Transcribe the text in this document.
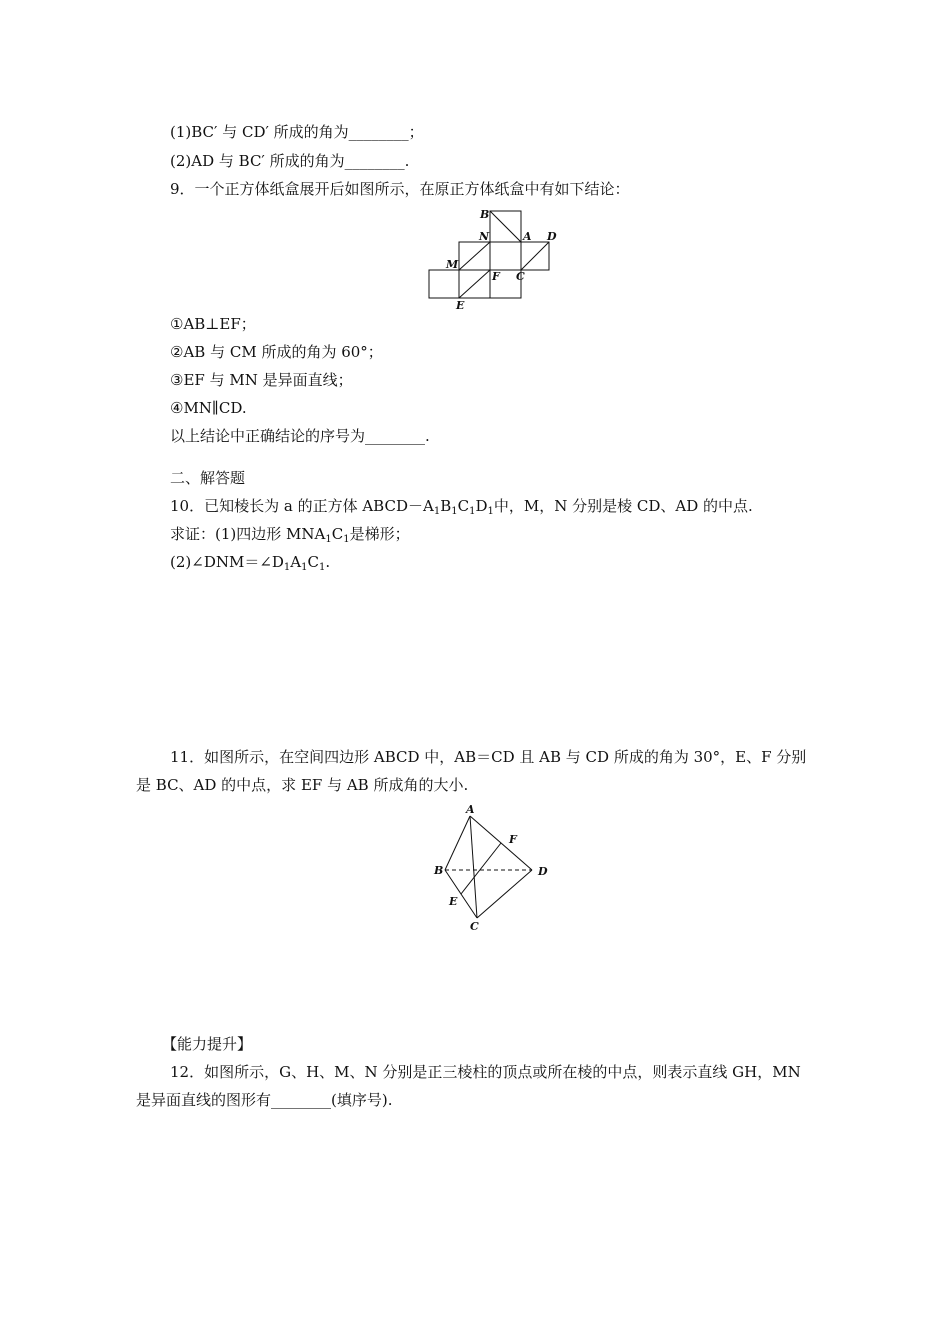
(1)BC′ 与 CD′ 所成的角为________；
(2)AD 与 BC′ 所成的角为________.
9．一个正方体纸盒展开后如图所示，在原正方体纸盒中有如下结论：
B
N	A D
M
F C
E
①AB⊥EF；
②AB 与 CM 所成的角为 60°；
③EF 与 MN 是异面直线；
④MN∥CD.
以上结论中正确结论的序号为________.
二、解答题
10．已知棱长为 a 的正方体 $ABCD-A_1B_1C_1D_1$中，M，N 分别是棱 CD、AD 的中点.
求证：(1)四边形 $MNA_1C_1$是梯形；
$(2)\angle DNM=\angle D_1A_1C_1$.
11．如图所示，在空间四边形 ABCD 中，AB＝CD 且 AB 与 CD 所成的角为 30°，E、F 分别
是 BC、AD 的中点，求 EF 与 AB 所成角的大小.
A
F
B	D
E
C
【能力提升】
12．如图所示，G、H、M、N 分别是正三棱柱的顶点或所在棱的中点，则表示直线 GH，MN
是异面直线的图形有________(填序号).
